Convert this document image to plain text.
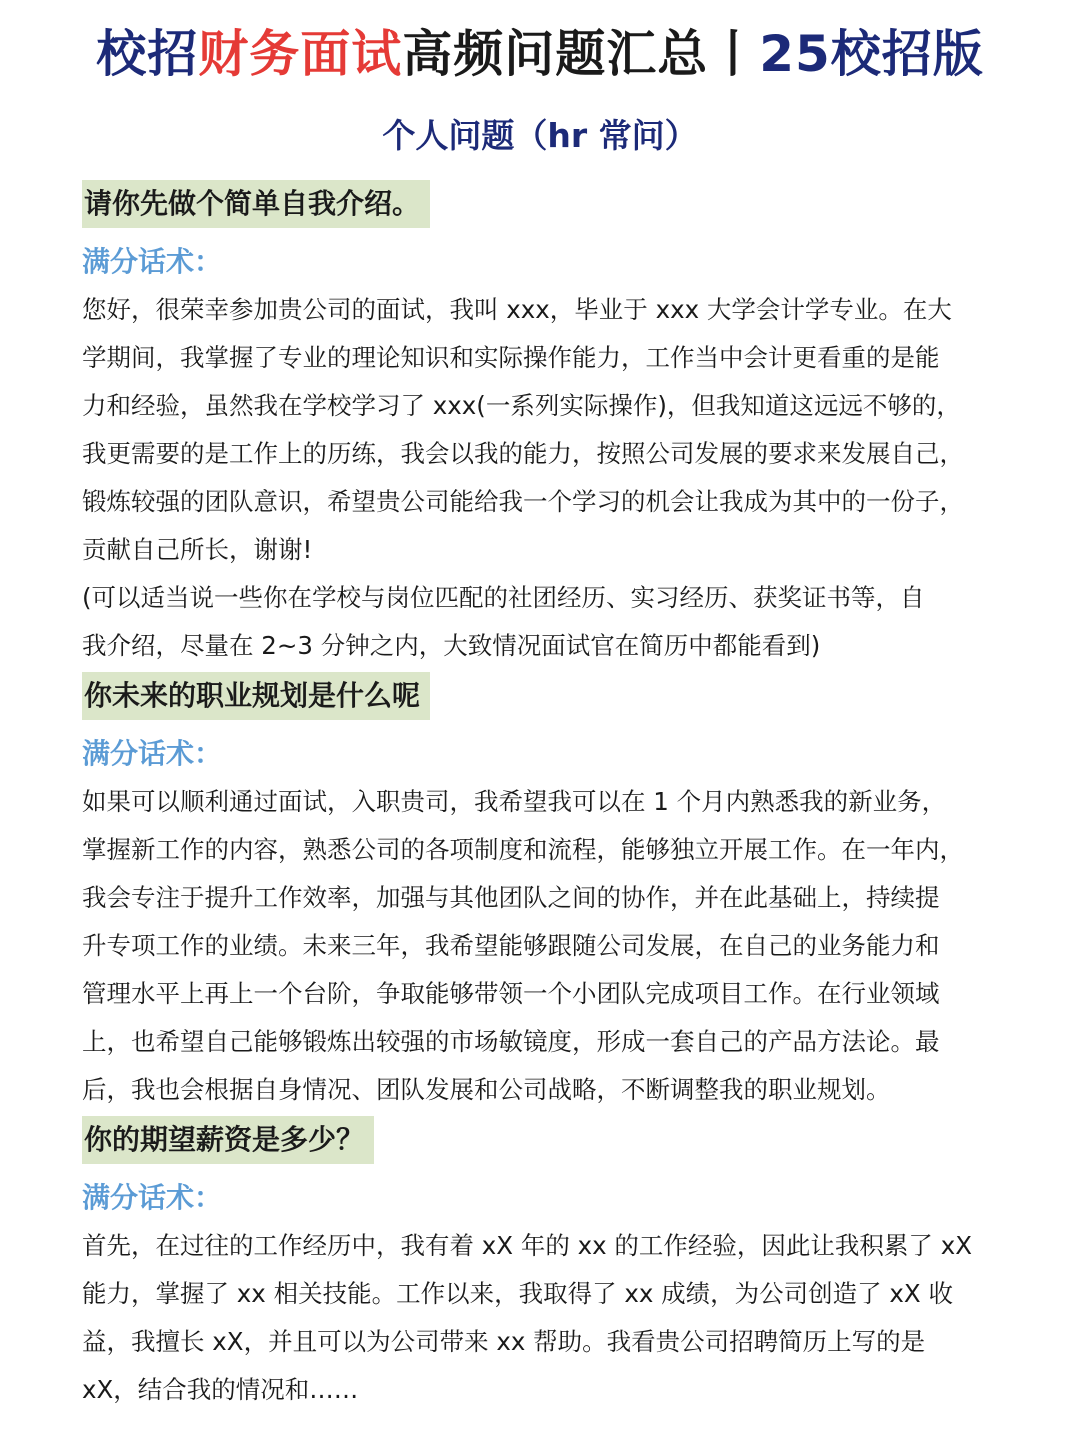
校招财务面试高频问题汇总丨25校招版
个人问题（hr 常问）
请你先做个简单自我介绍。
满分话术：
您好，很荣幸参加贵公司的面试，我叫 xxx，毕业于 xxx 大学会计学专业。在大
学期间，我掌握了专业的理论知识和实际操作能力，工作当中会计更看重的是能
力和经验，虽然我在学校学习了 xxx(一系列实际操作)，但我知道这远远不够的，
我更需要的是工作上的历练，我会以我的能力，按照公司发展的要求来发展自己，
锻炼较强的团队意识，希望贵公司能给我一个学习的机会让我成为其中的一份子，
贡献自己所长，谢谢!
(可以适当说一些你在学校与岗位匹配的社团经历、实习经历、获奖证书等，自
我介绍，尽量在 2~3 分钟之内，大致情况面试官在简历中都能看到)
你未来的职业规划是什么呢
满分话术：
如果可以顺利通过面试，入职贵司，我希望我可以在 1 个月内熟悉我的新业务，
掌握新工作的内容，熟悉公司的各项制度和流程，能够独立开展工作。在一年内，
我会专注于提升工作效率，加强与其他团队之间的协作，并在此基础上，持续提
升专项工作的业绩。未来三年，我希望能够跟随公司发展，在自己的业务能力和
管理水平上再上一个台阶，争取能够带领一个小团队完成项目工作。在行业领域
上，也希望自己能够锻炼出较强的市场敏镜度，形成一套自己的产品方法论。最
后，我也会根据自身情况、团队发展和公司战略，不断调整我的职业规划。
你的期望薪资是多少？
满分话术：
首先，在过往的工作经历中，我有着 xX 年的 xx 的工作经验，因此让我积累了 xX
能力，掌握了 xx 相关技能。工作以来，我取得了 xx 成绩，为公司创造了 xX 收
益，我擅长 xX，并且可以为公司带来 xx 帮助。我看贵公司招聘简历上写的是
xX，结合我的情况和……
